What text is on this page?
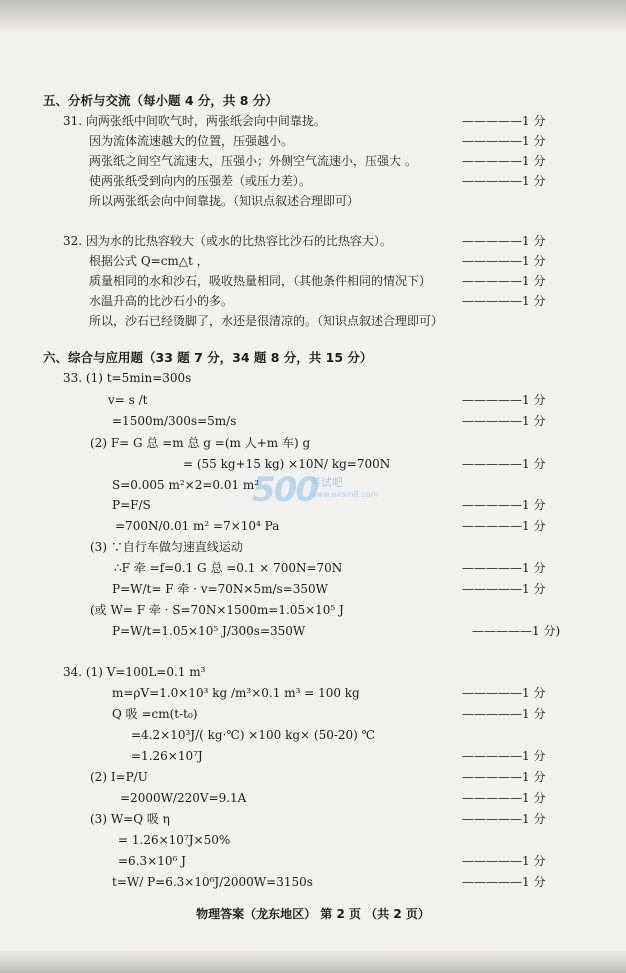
500
考试吧
www.exam8.com
五、分析与交流（每小题 4 分，共 8 分）
31. 向两张纸中间吹气时，两张纸会向中间靠拢。	—————1 分
因为流体流速越大的位置，压强越小。	—————1 分
两张纸之间空气流速大，压强小；外侧空气流速小，压强大 。	—————1 分
使两张纸受到向内的压强差（或压力差）。	—————1 分
所以两张纸会向中间靠拢。（知识点叙述合理即可）
32. 因为水的比热容较大（或水的比热容比沙石的比热容大）。	—————1 分
根据公式 Q=cm△t ，	—————1 分
质量相同的水和沙石，吸收热量相同，（其他条件相同的情况下）	—————1 分
水温升高的比沙石小的多。	—————1 分
所以，沙石已经烫脚了，水还是很清凉的。（知识点叙述合理即可）
六、综合与应用题（33 题 7 分，34 题 8 分，共 15 分）
33. (1) t=5min=300s
v= s /t	—————1 分
=1500m/300s=5m/s	—————1 分
(2) F= G 总 =m 总 g =(m 人+m 车) g
= (55 kg+15 kg) ×10N/ kg=700N	—————1 分
S=0.005 m²×2=0.01 m²
P=F/S	—————1 分
=700N/0.01 m² =7×10⁴ Pa	—————1 分
(3) ∵自行车做匀速直线运动
∴F 牵 =f=0.1 G 总 =0.1 × 700N=70N	—————1 分
P=W/t= F 牵 · v=70N×5m/s=350W	—————1 分
(或 W= F 牵 · S=70N×1500m=1.05×10⁵ J
P=W/t=1.05×10⁵ J/300s=350W	—————1 分)
34. (1) V=100L=0.1 m³
m=ρV=1.0×10³ kg /m³×0.1 m³ = 100 kg	—————1 分
Q 吸 =cm(t-t₀)	—————1 分
=4.2×10³J/( kg·℃) ×100 kg× (50-20) ℃
=1.26×10⁷J	—————1 分
(2) I=P/U	—————1 分
=2000W/220V=9.1A	—————1 分
(3) W=Q 吸 η	—————1 分
= 1.26×10⁷J×50%
=6.3×10⁶ J	—————1 分
t=W/ P=6.3×10⁶J/2000W=3150s	—————1 分
物理答案（龙东地区） 第 2 页 （共 2 页）
